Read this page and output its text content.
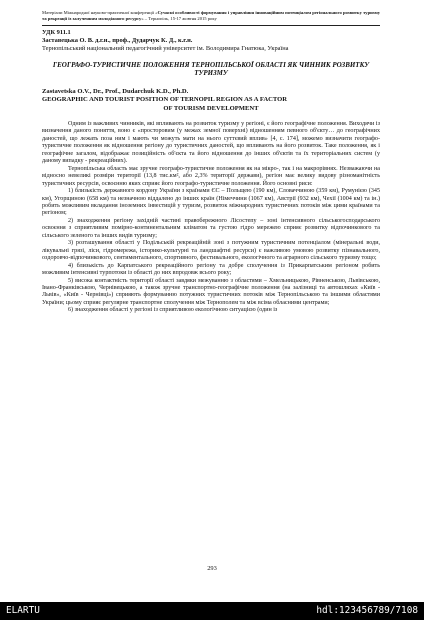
Матеріали Міжнародної науково-практичної конференції «Сучасні особливості формування і управління інноваційним потенціалом регіонального розвитку туризму та рекреації із залученням молодіжного ресурсу» – Тернопіль, 15-17 жовтня 2015 року
УДК 911.1
Заставецька О. В. д.г.н., проф., Дударчук К. Д., к.г.н.
Тернопільський національний педагогічний університет ім. Володимира Гнатюка, Україна
ГЕОГРАФО-ТУРИСТИЧНЕ ПОЛОЖЕННЯ ТЕРНОПІЛЬСЬКОЇ ОБЛАСТІ ЯК ЧИННИК РОЗВИТКУ ТУРИЗМУ
Zastavetska O.V., Dr., Prof., Dudarchuk K.D., Ph.D.
GEOGRAPHIC AND TOURIST POSITION OF TERNOPIL REGION AS A FACTOR
OF TOURISM DEVELOPMENT

Одним із важливих чинників, які впливають на розвиток туризму у регіоні, є його географічне положення. Виходячи із визначення даного поняття, воно є «просторовим (у межах земної поверхні) відношенням певного об'єкту… до географічних даностей, що лежать поза ним і мають чи можуть мати на нього суттєвий вплив» [4, с. 174], можемо визначити географо-туристичне положення як відношення регіону до туристичних даностей, що впливають на його розвиток. Таке положення, як і географічне загалом, відображає позиційність об'єкта та його відношення до інших об'єктів та їх територіальних систем (у даному випадку - рекреаційних).

Тернопільська область має зручне географо-туристичне положення як на мікро-, так і на макрорівнях. Незважаючи на відносно невеликі розміри території (13,8 тис.км², або 2,3% території держави), регіон має велику видову різноманітність туристичних ресурсів, освоєнню яких сприяє його географо-туристичне положення. Його основні риси:

1) близькість державного кордону України з країнами ЄС – Польщею (190 км), Словаччиною (359 км), Румунією (345 км), Угорщиною (658 км) та незначною віддалено до інших країн (Німеччини (1067 км), Австрії (932 км), Чехії (1004 км) та ін.) робить можливим вкладання іноземних інвестицій у туризм, розвиток міжнародних туристичних потоків між цими країнами та регіоном;

2) знаходження регіону західній частині правобережного Лісостепу – зоні інтенсивного сільськогосподарського освоєння з сприятливим помірно-континентальним кліматом та густою гідро мережею сприяє розвитку відпочинкового та сільського зеленого та інших видів туризму;

3) розташування області у Подільській рекреаційній зоні з потужним туристичним потенціалом (мінеральні води, лікувальні грязі, ліси, гідромережа, історико-культурні та ландшафтні ресурси) є важливою умовою розвитку пізнавального, оздоровчо-відпочинкового, сентиментального, спортивного, фестивального, екологічного та аграрного сільського туризму тощо;

4) близькість до Карпатського рекреаційного регіону та добре сполучення із Прикарпатським регіоном робить можливим інтенсивні турпотоки із області до них впродовж всього року;

5) висока контактність території області завдяки межуванню з областями – Хмельницькою, Рівненською, Львівською, Івано-Франківською, Чернівецькою, а також зручне транспортно-географічне положення (на залізниці та автошляхах «Київ - Львів», «Київ - Чернівці») сприяють формуванню потужних туристичних потоків між Тернопільською та іншими областями України; цьому сприяє регулярне транспортне сполучення між Тернополем та між всіма обласними центрами;

6) знаходження області у регіоні із сприятливою екологічною ситуацією (один із

293
ELARTU	hdl:123456789/7108
